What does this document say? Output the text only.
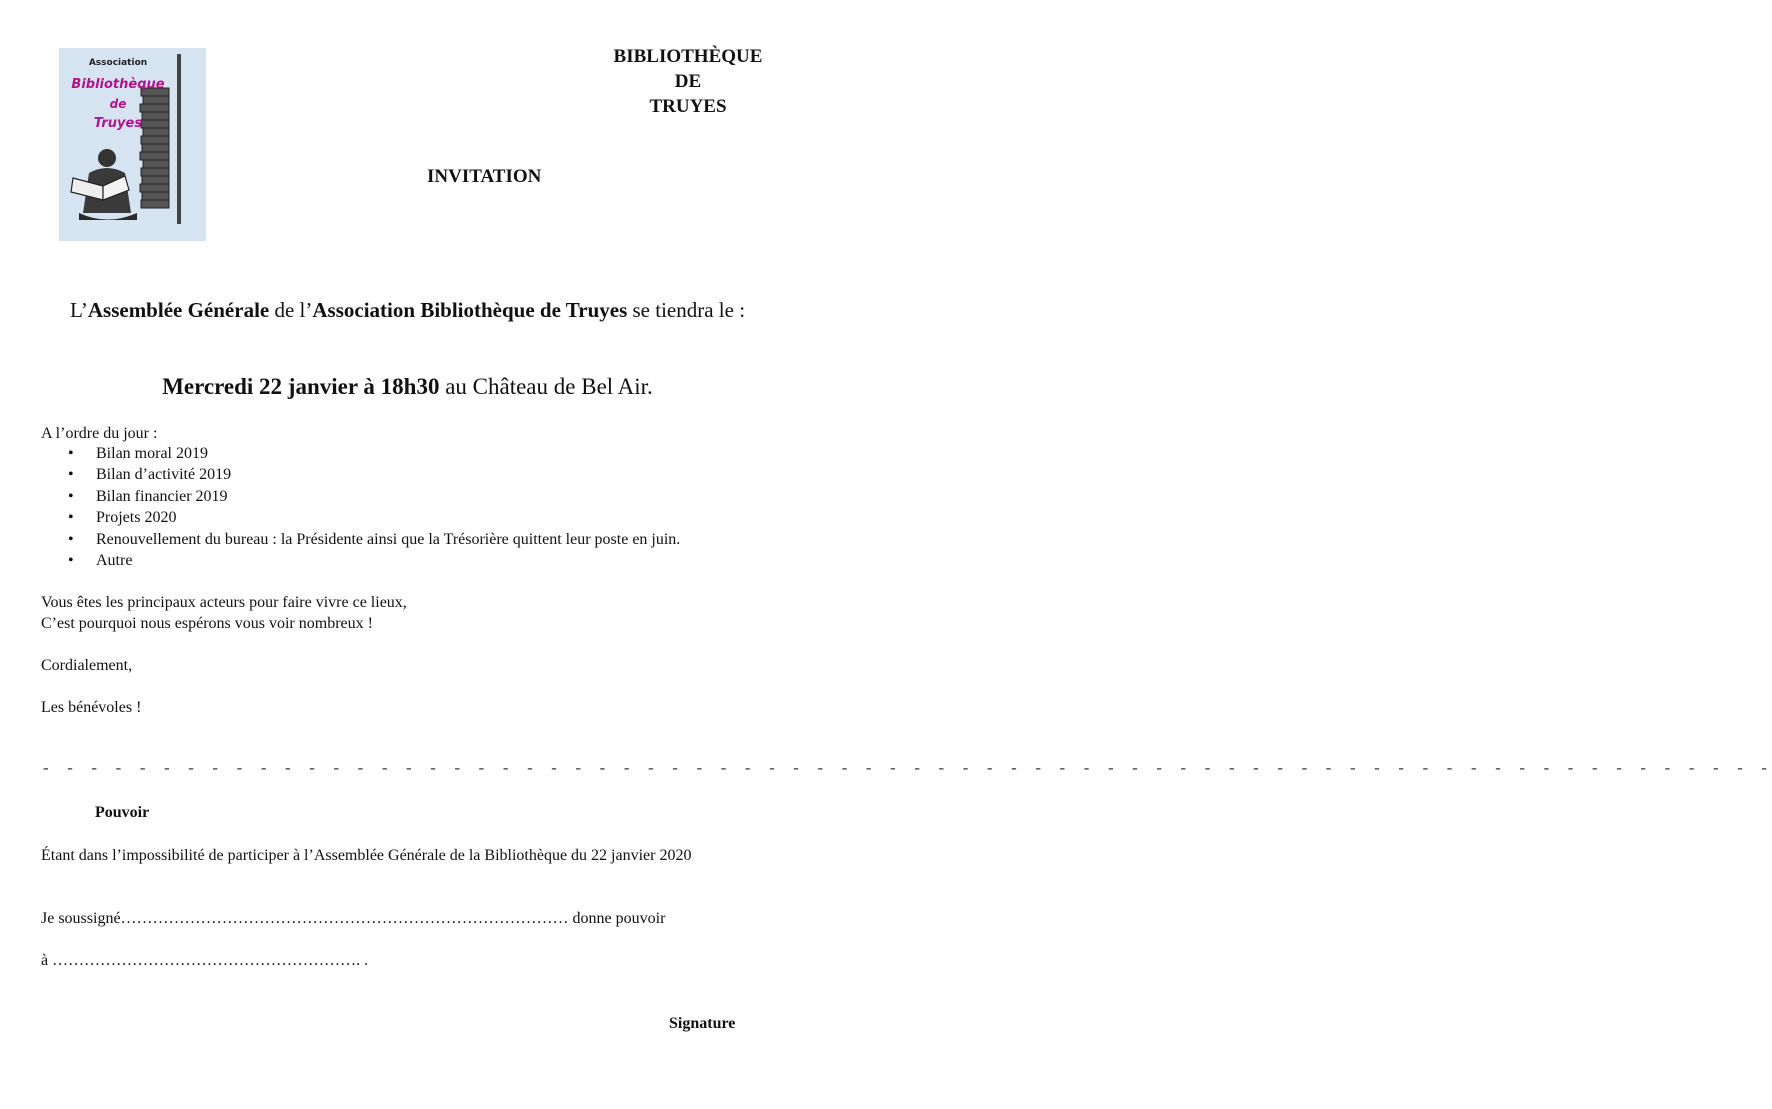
Association
Bibliothèque
de
Truyes
BIBLIOTHÈQUE
DE
TRUYES
INVITATION
L’Assemblée Générale de l’Association Bibliothèque de Truyes se tiendra le :
Mercredi 22 janvier à 18h30 au Château de Bel Air.
A l’ordre du jour :
• Bilan moral 2019
• Bilan d’activité 2019
• Bilan financier 2019
• Projets 2020
• Renouvellement du bureau : la Présidente ainsi que la Trésorière quittent leur poste en juin.
• Autre
Vous êtes les principaux acteurs pour faire vivre ce lieux,
C’est pourquoi nous espérons vous voir nombreux !
Cordialement,
Les bénévoles !
- - - - - - - - - - - - - - - - - - - - - - - - - - - - - - - - - - - - - - - - - - - - - - - - - - - - - - - - - - - - - - - - - - - - - - - -
Pouvoir
Étant dans l’impossibilité de participer à l’Assemblée Générale de la Bibliothèque du 22 janvier 2020
Je soussigné………………………………………………………………………… donne pouvoir
à …………………………………………………. .
Signature
